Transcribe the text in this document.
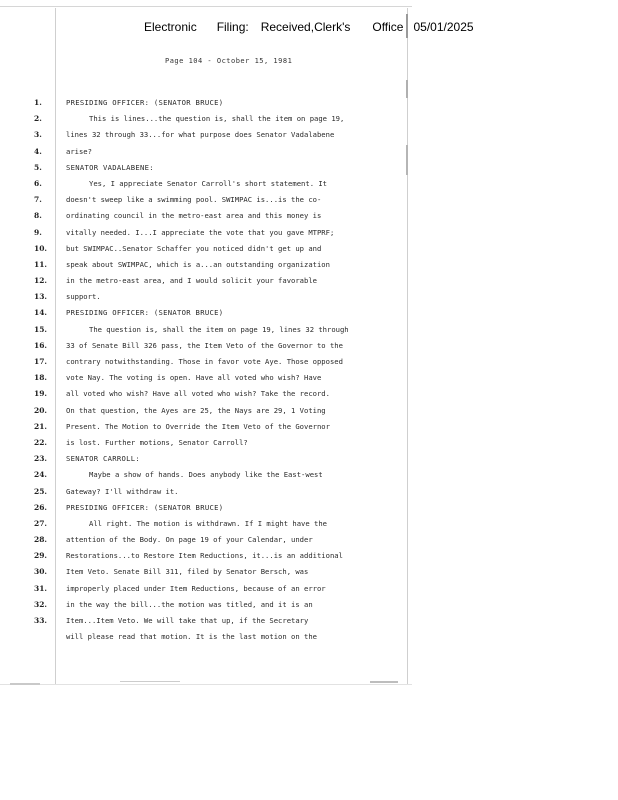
Electronic Filing: Received,Clerk's Office 05/01/2025
Page 104 - October 15, 1981
1.	PRESIDING OFFICER: (SENATOR BRUCE)
2.	This is lines...the question is, shall the item on page 19,
3.	lines 32 through 33...for what purpose does Senator Vadalabene
4.	arise?
5.	SENATOR VADALABENE:
6.	Yes, I appreciate Senator Carroll's short statement. It
7.	doesn't sweep like a swimming pool. SWIMPAC is...is the co-
8.	ordinating council in the metro-east area and this money is
9.	vitally needed. I...I appreciate the vote that you gave MTPRF;
10.	but SWIMPAC..Senator Schaffer you noticed didn't get up and
11.	speak about SWIMPAC, which is a...an outstanding organization
12.	in the metro-east area, and I would solicit your favorable
13.	support.
14.	PRESIDING OFFICER: (SENATOR BRUCE)
15.	The question is, shall the item on page 19, lines 32 through
16.	33 of Senate Bill 326 pass, the Item Veto of the Governor to the
17.	contrary notwithstanding. Those in favor vote Aye. Those opposed
18.	vote Nay. The voting is open. Have all voted who wish? Have
19.	all voted who wish? Have all voted who wish? Take the record.
20.	On that question, the Ayes are 25, the Nays are 29, 1 Voting
21.	Present. The Motion to Override the Item Veto of the Governor
22.	is lost. Further motions, Senator Carroll?
23.	SENATOR CARROLL:
24.	Maybe a show of hands. Does anybody like the East-west
25.	Gateway? I'll withdraw it.
26.	PRESIDING OFFICER: (SENATOR BRUCE)
27.	All right. The motion is withdrawn. If I might have the
28.	attention of the Body. On page 19 of your Calendar, under
29.	Restorations...to Restore Item Reductions, it...is an additional
30.	Item Veto. Senate Bill 311, filed by Senator Bersch, was
31.	improperly placed under Item Reductions, because of an error
32.	in the way the bill...the motion was titled, and it is an
33.	Item...Item Veto. We will take that up, if the Secretary
will please read that motion. It is the last motion on the
